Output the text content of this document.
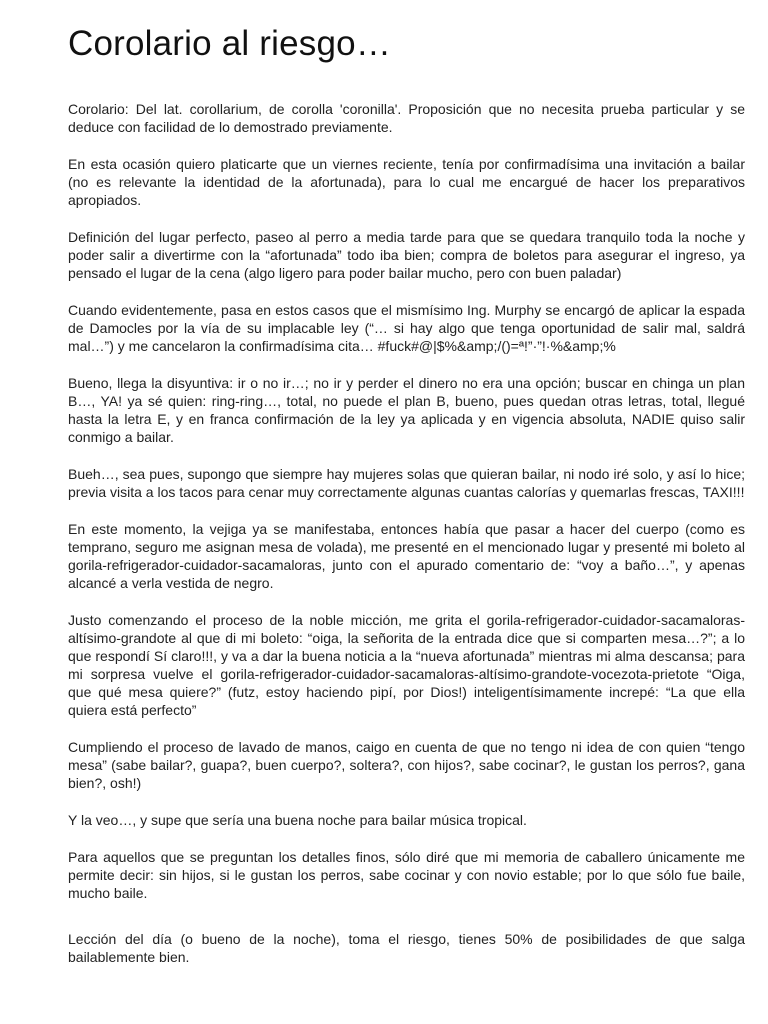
Corolario al riesgo…

Corolario: Del lat. corollarium, de corolla 'coronilla'. Proposición que no necesita prueba particular y se deduce con facilidad de lo demostrado previamente.

En esta ocasión quiero platicarte que un viernes reciente, tenía por confirmadísima una invitación a bailar (no es relevante la identidad de la afortunada), para lo cual me encargué de hacer los preparativos apropiados.

Definición del lugar perfecto, paseo al perro a media tarde para que se quedara tranquilo toda la noche y poder salir a divertirme con la “afortunada” todo iba bien; compra de boletos para asegurar el ingreso, ya pensado el lugar de la cena (algo ligero para poder bailar mucho, pero con buen paladar)

Cuando evidentemente, pasa en estos casos que el mismísimo Ing. Murphy se encargó de aplicar la espada de Damocles por la vía de su implacable ley (“… si hay algo que tenga oportunidad de salir mal, saldrá mal…”) y me cancelaron la confirmadísima cita… #fuck#@|$%&amp;/()=ª!”·”!·%&amp;%

Bueno, llega la disyuntiva: ir o no ir…; no ir y perder el dinero no era una opción; buscar en chinga un plan B…, YA! ya sé quien: ring-ring…, total, no puede el plan B, bueno, pues quedan otras letras, total, llegué hasta la letra E, y en franca confirmación de la ley ya aplicada y en vigencia absoluta, NADIE quiso salir conmigo a bailar.

Bueh…, sea pues, supongo que siempre hay mujeres solas que quieran bailar, ni nodo iré solo, y así lo hice; previa visita a los tacos para cenar muy correctamente algunas cuantas calorías y quemarlas frescas, TAXI!!!

En este momento, la vejiga ya se manifestaba, entonces había que pasar a hacer del cuerpo (como es temprano, seguro me asignan mesa de volada), me presenté en el mencionado lugar y presenté mi boleto al gorila-refrigerador-cuidador-sacamaloras, junto con el apurado comentario de: “voy a baño…”, y apenas alcancé a verla vestida de negro.

Justo comenzando el proceso de la noble micción, me grita el gorila-refrigerador-cuidador-sacamaloras-altísimo-grandote al que di mi boleto: “oiga, la señorita de la entrada dice que si comparten mesa…?”; a lo que respondí Sí claro!!!, y va a dar la buena noticia a la “nueva afortunada” mientras mi alma descansa; para mi sorpresa vuelve el gorila-refrigerador-cuidador-sacamaloras-altísimo-grandote-vocezota-prietote “Oiga, que qué mesa quiere?” (futz, estoy haciendo pipí, por Dios!) inteligentísimamente increpé: “La que ella quiera está perfecto”

Cumpliendo el proceso de lavado de manos, caigo en cuenta de que no tengo ni idea de con quien “tengo mesa” (sabe bailar?, guapa?, buen cuerpo?, soltera?, con hijos?, sabe cocinar?, le gustan los perros?, gana bien?, osh!)

Y la veo…, y supe que sería una buena noche para bailar música tropical.

Para aquellos que se preguntan los detalles finos, sólo diré que mi memoria de caballero únicamente me permite decir: sin hijos, si le gustan los perros, sabe cocinar y con novio estable; por lo que sólo fue baile, mucho baile.

Lección del día (o bueno de la noche), toma el riesgo, tienes 50% de posibilidades de que salga bailablemente bien.
